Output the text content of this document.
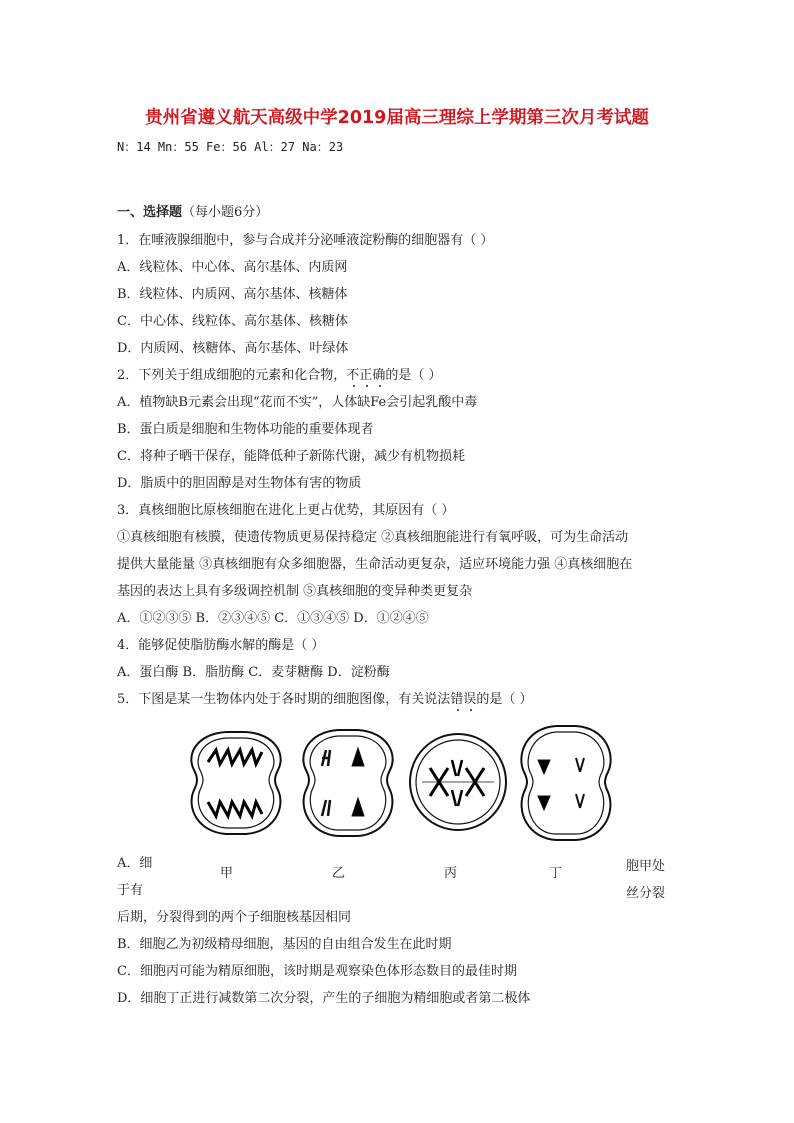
贵州省遵义航天高级中学2019届高三理综上学期第三次月考试题
N：14 Mn：55 Fe：56 Al：27 Na：23
一、选择题（每小题6分）
1．在唾液腺细胞中，参与合成并分泌唾液淀粉酶的细胞器有（ ）
A．线粒体、中心体、高尔基体、内质网
B．线粒体、内质网、高尔基体、核糖体
C．中心体、线粒体、高尔基体、核糖体
D．内质网、核糖体、高尔基体、叶绿体
2．下列关于组成细胞的元素和化合物，不正确的是（ ）
A．植物缺B元素会出现“花而不实”，人体缺Fe会引起乳酸中毒
B．蛋白质是细胞和生物体功能的重要体现者
C．将种子晒干保存，能降低种子新陈代谢，减少有机物损耗
D．脂质中的胆固醇是对生物体有害的物质
3．真核细胞比原核细胞在进化上更占优势，其原因有（ ）
①真核细胞有核膜，使遗传物质更易保持稳定 ②真核细胞能进行有氧呼吸，可为生命活动
提供大量能量 ③真核细胞有众多细胞器，生命活动更复杂，适应环境能力强 ④真核细胞在
基因的表达上具有多级调控机制 ⑤真核细胞的变异种类更复杂
A．①②③⑤ B．②③④⑤ C．①③④⑤ D．①②④⑤
4．能够促使脂肪酶水解的酶是（ ）
A．蛋白酶 B．脂肪酶 C．麦芽糖酶 D．淀粉酶
5．下图是某一生物体内处于各时期的细胞图像，有关说法错误的是（ ）
甲	乙	丙	丁
A．细	胞甲处
于有	丝分裂
后期，分裂得到的两个子细胞核基因相同
B．细胞乙为初级精母细胞，基因的自由组合发生在此时期
C．细胞丙可能为精原细胞，该时期是观察染色体形态数目的最佳时期
D．细胞丁正进行减数第二次分裂，产生的子细胞为精细胞或者第二极体
